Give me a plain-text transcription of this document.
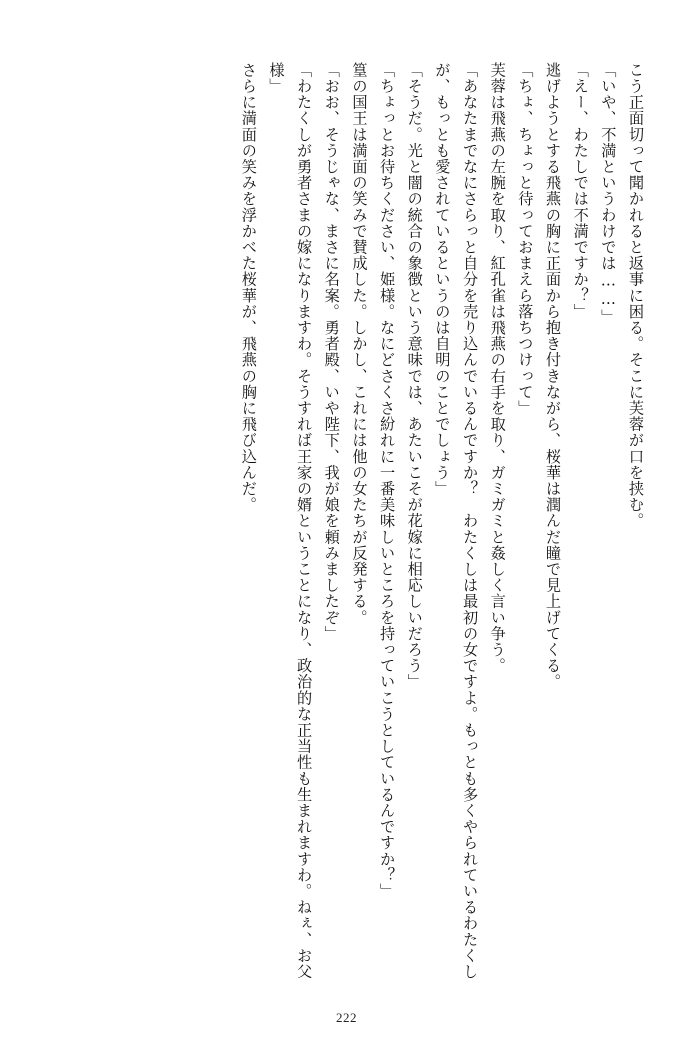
さらに満面の笑みを浮かべた桜華が、飛燕の胸に飛び込んだ。	「わたくしが勇者さまの嫁になりますわ。そうすれば王家の婿ということになり、政治的な正当性も生まれますわ。ねぇ、お父様」	「おお、そうじゃな、まさに名案。勇者殿、いや陛下、我が娘を頼みましたぞ」 篁の国王は満面の笑みで賛成した。しかし、これには他の女たちが反発する。 「ちょっとお待ちください、姫様。なにどさくさ紛れに一番美味しいところを持っていこうとしているんですか？」 「そうだ。光と闇の統合の象徴という意味では、あたいこそが花嫁に相応しいだろう」	「あなたまでなにさらっと自分を売り込んでいるんですか？　わたくしは最初の女ですよ。もっとも多くやられているわたくしが、もっとも愛されているというのは自明のことでしょう」	芙蓉は飛燕の左腕を取り、紅孔雀は飛燕の右手を取り、ガミガミと姦しく言い争う。 「ちょ、ちょっと待っておまえら落ちつけって」 逃げようとする飛燕の胸に正面から抱き付きながら、桜華は潤んだ瞳で見上げてくる。 「えー、わたしでは不満ですか？」 「いや、不満というわけでは……」 こう正面切って聞かれると返事に困る。そこに芙蓉が口を挟む。

222
